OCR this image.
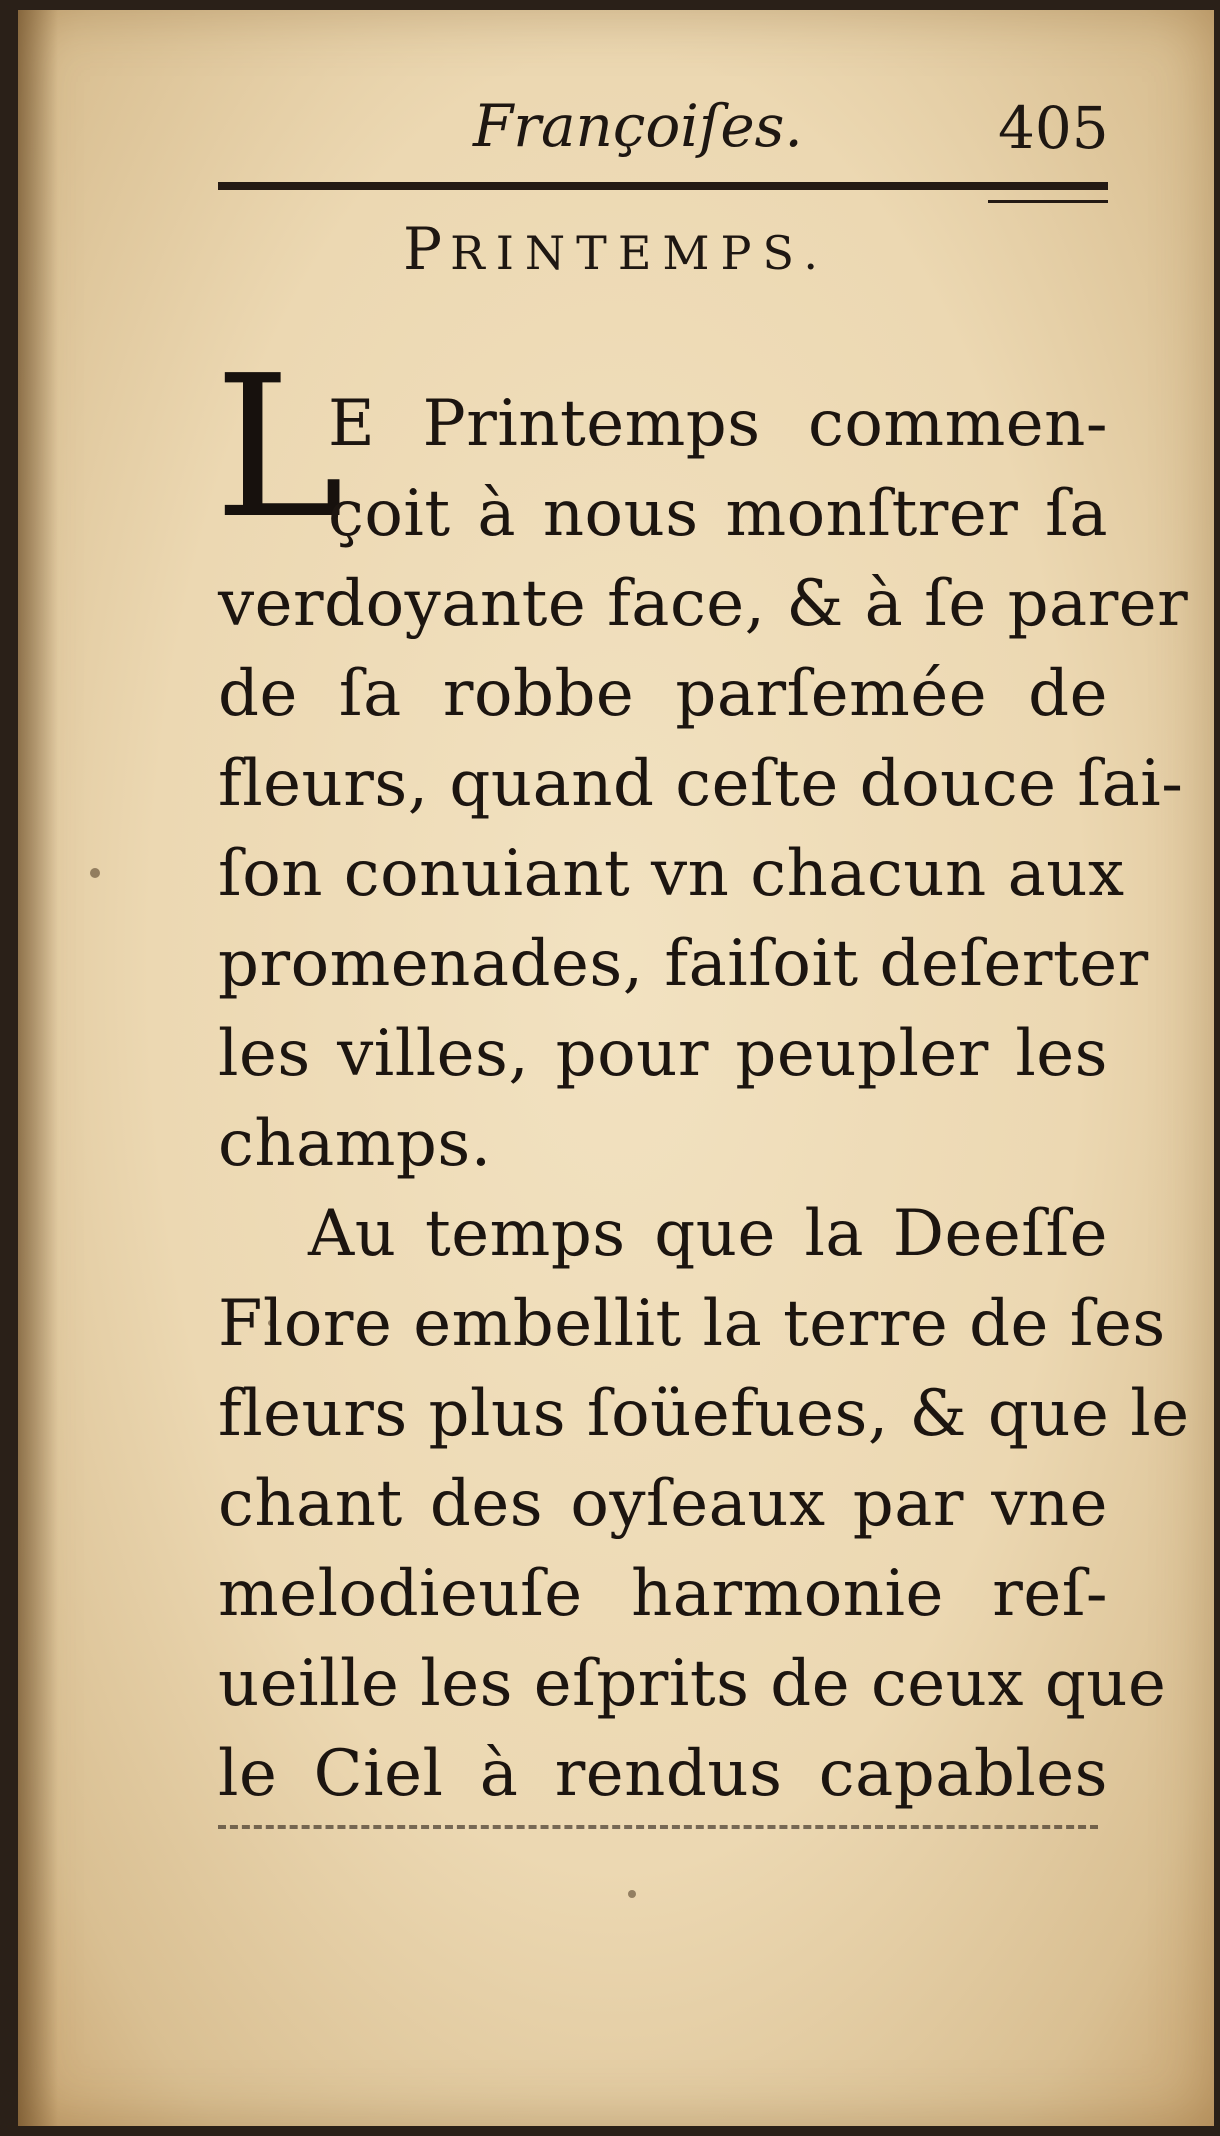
Françoiſes.	405
PRINTEMPS.
L
E Printemps commen-
çoit à nous monſtrer ſa
verdoyante face, & à ſe parer
de ſa robbe parſemée de
fleurs, quand ceſte douce ſai-
ſon conuiant vn chacun aux
promenades, faiſoit deſerter
les villes, pour peupler les
champs.
Au temps que la Deeſſe
Flore embellit la terre de ſes
fleurs plus ſoüefues, & que le
chant des oyſeaux par vne
melodieuſe harmonie reſ-
ueille les eſprits de ceux que
le Ciel à rendus capables
